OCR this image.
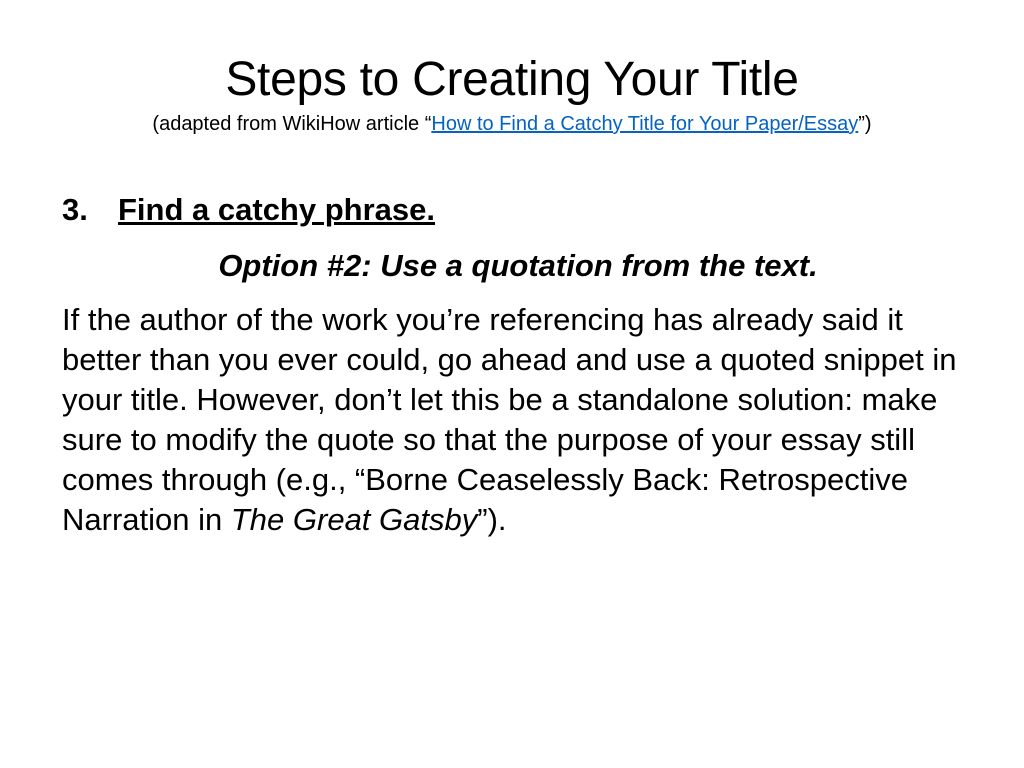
Steps to Creating Your Title
(adapted from WikiHow article “How to Find a Catchy Title for Your Paper/Essay”)
3. Find a catchy phrase.
Option #2: Use a quotation from the text.

If the author of the work you’re referencing has already said it better than you ever could, go ahead and use a quoted snippet in your title. However, don’t let this be a standalone solution: make sure to modify the quote so that the purpose of your essay still comes through (e.g., “Borne Ceaselessly Back: Retrospective Narration in The Great Gatsby”).
